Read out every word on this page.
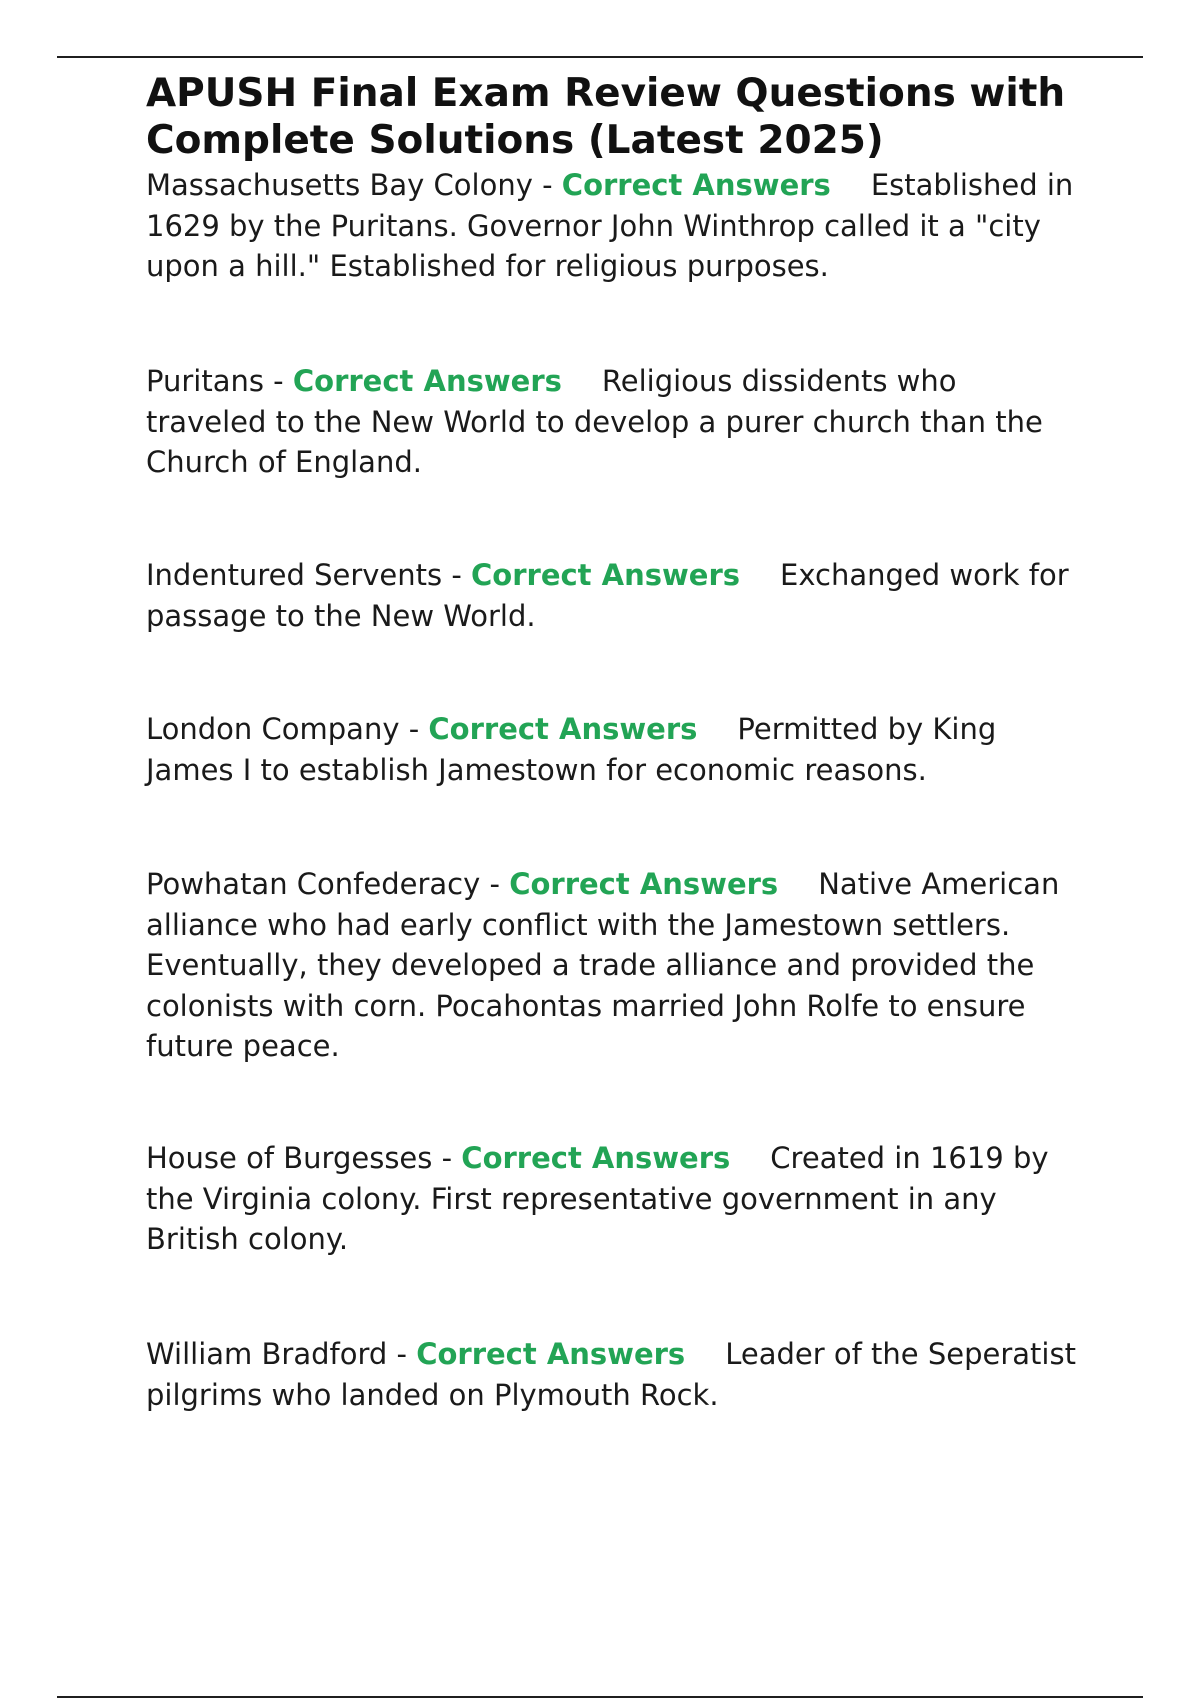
APUSH Final Exam Review Questions with Complete Solutions (Latest 2025)
Massachusetts Bay Colony - Correct Answers Established in 1629 by the Puritans. Governor John Winthrop called it a "city upon a hill." Established for religious purposes.
Puritans - Correct Answers Religious dissidents who traveled to the New World to develop a purer church than the Church of England.
Indentured Servents - Correct Answers Exchanged work for passage to the New World.
London Company - Correct Answers Permitted by King James I to establish Jamestown for economic reasons.
Powhatan Confederacy - Correct Answers Native American alliance who had early conflict with the Jamestown settlers. Eventually, they developed a trade alliance and provided the colonists with corn. Pocahontas married John Rolfe to ensure future peace.
House of Burgesses - Correct Answers Created in 1619 by the Virginia colony. First representative government in any British colony.
William Bradford - Correct Answers Leader of the Seperatist pilgrims who landed on Plymouth Rock.
